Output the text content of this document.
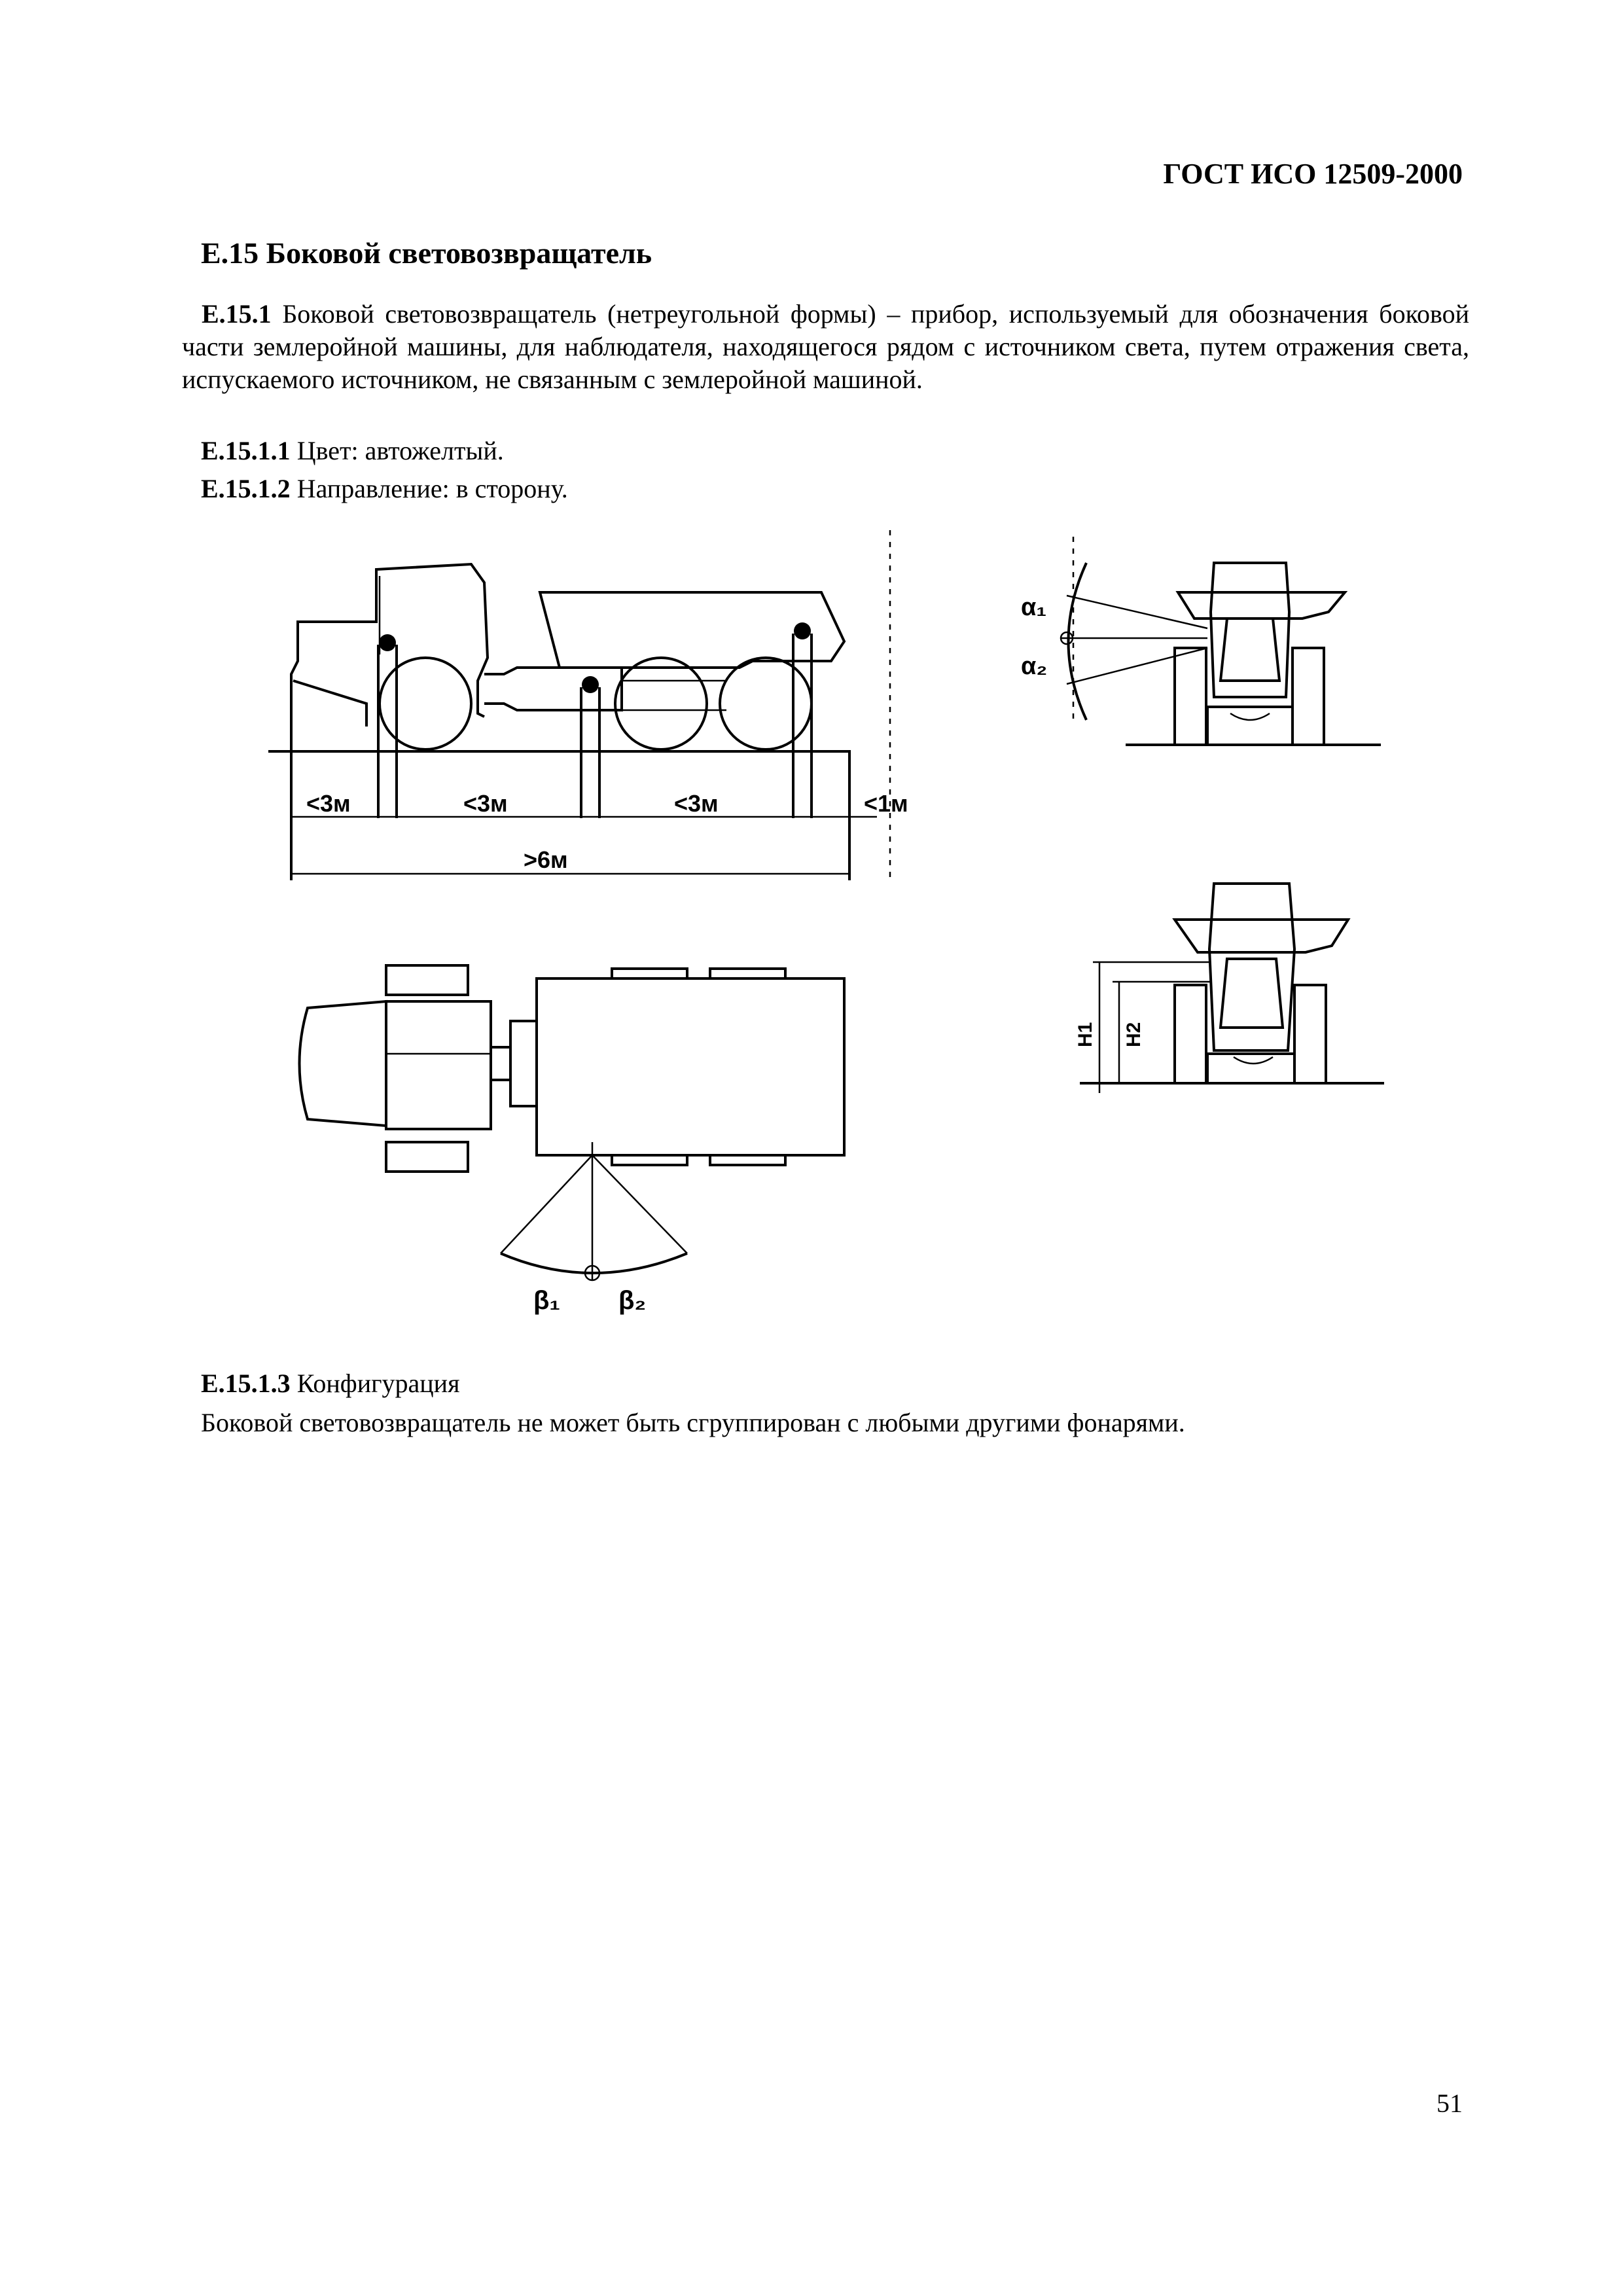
ГОСТ ИСО 12509-2000
Е.15 Боковой световозвращатель
Е.15.1 Боковой световозвращатель (нетреугольной формы) – прибор, используемый для обозначения боковой части землеройной машины, для наблюдателя, находящегося рядом с источником света, путем отражения света, испускаемого источником, не связанным с землеройной машиной.
Е.15.1.1 Цвет: автожелтый.
Е.15.1.2 Направление: в сторону.
<3м	<3м	<3м	<1м
>6м
α₁
α₂
β₁ β₂
H1 H2
Е.15.1.3 Конфигурация
Боковой световозвращатель не может быть сгруппирован с любыми другими фонарями.
51
